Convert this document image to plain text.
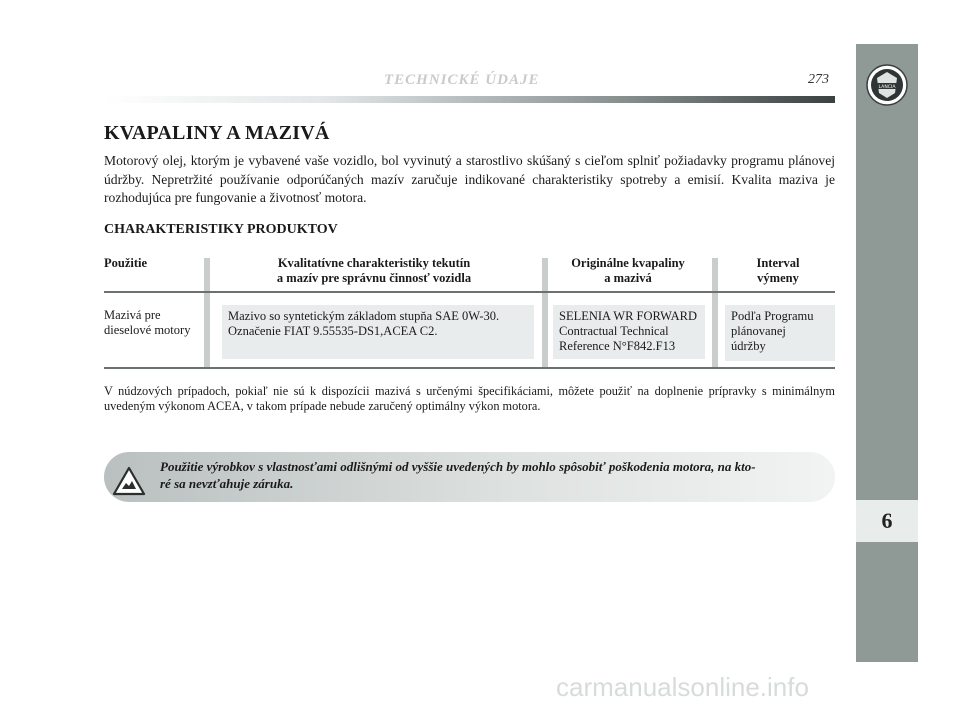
LANCIA
6
TECHNICKÉ ÚDAJE	273
KVAPALINY A MAZIVÁ

Motorový olej, ktorým je vybavené vaše vozidlo, bol vyvinutý a starostlivo skúšaný s cieľom splniť požiadavky programu plánovej údržby. Nepretržité používanie odporúčaných mazív zaručuje indikované charakteristiky spotreby a emisií. Kvalita maziva je rozhodujúca pre fungovanie a životnosť motora.

CHARAKTERISTIKY PRODUKTOV

Použitie	Kvalitatívne charakteristiky tekutín
a mazív pre správnu činnosť vozidla
Originálne kvapaliny
a mazivá
Interval
výmeny
Mazivá pre
dieselové motory
Mazivo so syntetickým základom stupňa SAE 0W-30.
Označenie FIAT 9.55535-DS1,ACEA C2.
SELENIA WR FORWARD
Contractual Technical
Reference N°F842.F13
Podľa Programu
plánovanej
údržby

V núdzových prípadoch, pokiaľ nie sú k dispozícii mazivá s určenými špecifikáciami, môžete použiť na doplnenie prípravky s minimálnym uvedeným výkonom ACEA, v takom prípade nebude zaručený optimálny výkon motora.

Použitie výrobkov s vlastnosťami odlišnými od vyššie uvedených by mohlo spôsobiť poškodenia motora, na kto-
ré sa nevzťahuje záruka.
carmanualsonline.info
